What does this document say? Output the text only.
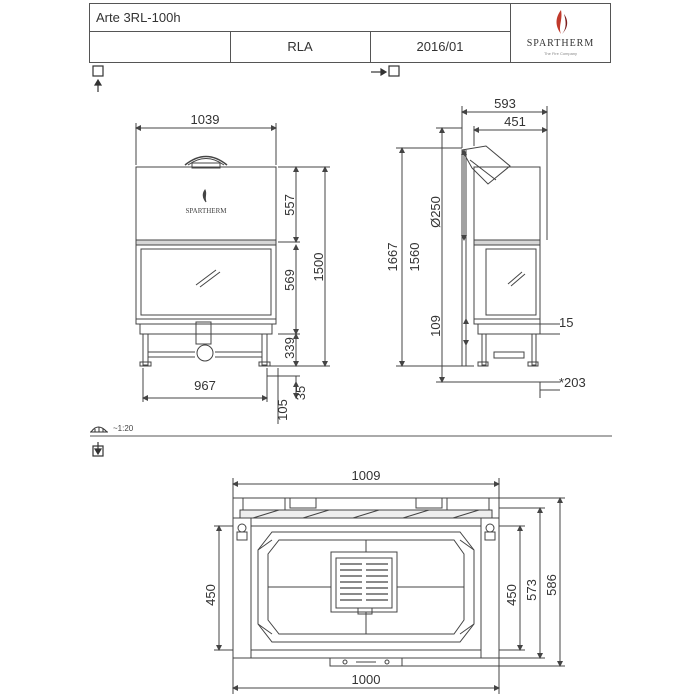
Arte 3RL-100h
RLA	2016/01	SPARTHERM
The Fire Company
SPARTHERM
1039
557
569 1500
339
967
105
35
593
451
Ø250
1667 1560
109	15
*203
~1:20
1009
1000
450	450 573 586
